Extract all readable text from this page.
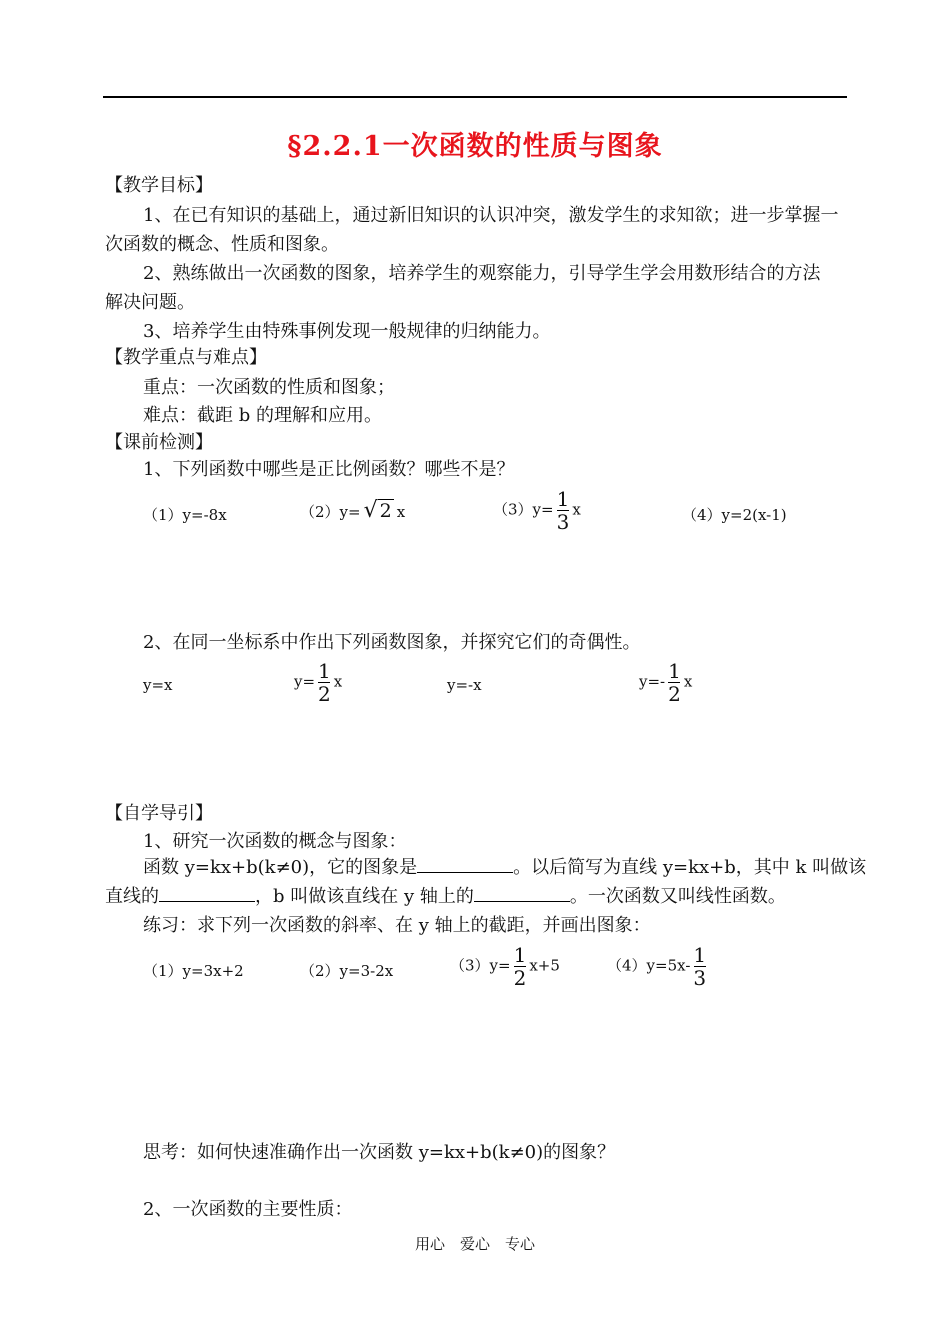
§2.2.1一次函数的性质与图象
【教学目标】
1、在已有知识的基础上，通过新旧知识的认识冲突，激发学生的求知欲；进一步掌握一
次函数的概念、性质和图象。
2、熟练做出一次函数的图象，培养学生的观察能力，引导学生学会用数形结合的方法
解决问题。
3、培养学生由特殊事例发现一般规律的归纳能力。
【教学重点与难点】
重点：一次函数的性质和图象；
难点：截距 b 的理解和应用。
【课前检测】
1、下列函数中哪些是正比例函数？哪些不是？
（1）y=-8x	（2）y= √ 2 x	$(3)y= \frac{1}{3}$ x	（4）y=2(x-1)
2、在同一坐标系中作出下列函数图象，并探究它们的奇偶性。
y=x	$y= \frac{1}{2}$ x	y=-x	$y=- \frac{1}{2}$ x
【自学导引】
1、研究一次函数的概念与图象：
函数 y=kx+b(k≠0)，它的图象是	。以后简写为直线 y=kx+b，其中 k 叫做该
直线的	，b 叫做该直线在 y 轴上的	。一次函数又叫线性函数。
练习：求下列一次函数的斜率、在 y 轴上的截距，并画出图象：
（1）y=3x+2	（2）y=3-2x	$(3)y= \frac{1}{2} x+5$	$(4)y=5x- \frac{1}{3}$
思考：如何快速准确作出一次函数 y=kx+b(k≠0)的图象？
2、一次函数的主要性质：
用心　爱心　专心
